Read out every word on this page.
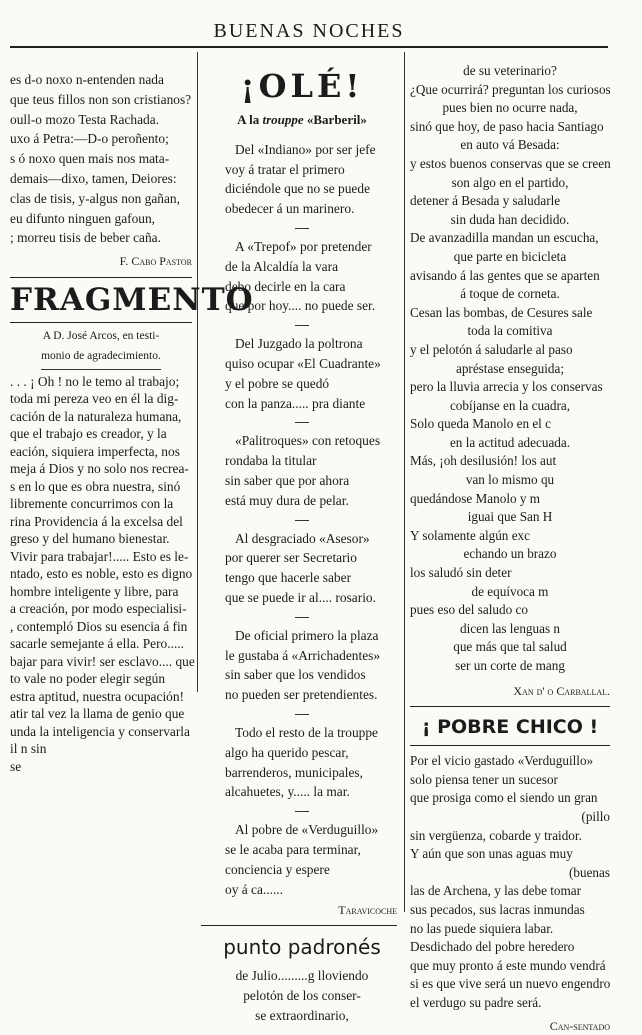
BUENAS NOCHES

es d-o noxo n-entenden nada

que teus fillos non son cristianos?

oull-o mozo Testa Rachada.

uxo á Petra:—D-o peroñento;

s ó noxo quen mais nos mata-

demais—dixo, tamen, Deiores:

clas de tisis, y-algus non gañan,

eu difunto ninguen gafoun,

; morreu tisis de beber caña.

F. Cabo Pastor

FRAGMENTO

A D. José Arcos, en testi-

monio de agradecimiento.

. . . ¡ Oh ! no le temo al trabajo;

toda mi pereza veo en él la dig-

cación de la naturaleza humana,

que el trabajo es creador, y la

eación, siquiera imperfecta, nos

meja á Dios y no solo nos recrea-

s en lo que es obra nuestra, sinó

libremente concurrimos con la

rina Providencia á la excelsa del

greso y del humano bienestar.

Vivir para trabajar!..... Esto es le-

ntado, esto es noble, esto es digno

hombre inteligente y libre, para

a creación, por modo especialisi-

, contempló Dios su esencia á fin

sacarle semejante á ella. Pero.....

bajar para vivir! ser esclavo.... que

to vale no poder elegir según

estra aptitud, nuestra ocupación!

atir tal vez la llama de genio que

unda la inteligencia y conservarla

il n sin

se

¡OLÉ!

A la trouppe «Barberil»

Del «Indiano» por ser jefe

voy á tratar el primero

diciéndole que no se puede

obedecer á un marinero.

A «Trepof» por pretender

de la Alcaldía la vara

debo decirle en la cara

que por hoy.... no puede ser.

Del Juzgado la poltrona

quiso ocupar «El Cuadrante»

y el pobre se quedó

con la panza..... pra diante

«Palitroques» con retoques

rondaba la titular

sin saber que por ahora

está muy dura de pelar.

Al desgraciado «Asesor»

por querer ser Secretario

tengo que hacerle saber

que se puede ir al.... rosario.

De oficial primero la plaza

le gustaba á «Arrichadentes»

sin saber que los vendidos

no pueden ser pretendientes.

Todo el resto de la trouppe

algo ha querido pescar,

barrenderos, municipales,

alcahuetes, y..... la mar.

Al pobre de «Verduguillo»

se le acaba para terminar,

conciencia y espere

oy á ca......

Taravicoche

punto padronés

de Julio.........g lloviendo

pelotón de los conser-

se extraordinario,

de su veterinario?

¿Que ocurrirá? preguntan los curiosos

pues bien no ocurre nada,

sinó que hoy, de paso hacia Santiago

en auto vá Besada:

y estos buenos conservas que se creen

son algo en el partido,

detener á Besada y saludarle

sin duda han decidido.

De avanzadilla mandan un escucha,

que parte en bicicleta

avisando á las gentes que se aparten

á toque de corneta.

Cesan las bombas, de Cesures sale

toda la comitiva

y el pelotón á saludarle al paso

apréstase enseguida;

pero la lluvia arrecia y los conservas

cobíjanse en la cuadra,

Solo queda Manolo en el c

en la actitud adecuada.

Más, ¡oh desilusión! los aut

van lo mismo qu

quedándose Manolo y m

iguai que San H

Y solamente algún exc

echando un brazo

los saludó sin deter

de equívoca m

pues eso del saludo co

dicen las lenguas n

que más que tal salud

ser un corte de mang

Xan d' o Carballal.

¡ POBRE CHICO !

Por el vicio gastado «Verduguillo»

solo piensa tener un sucesor

que prosiga como el siendo un gran

(pillo

sin vergüenza, cobarde y traidor.

Y aún que son unas aguas muy

(buenas

las de Archena, y las debe tomar

sus pecados, sus lacras inmundas

no las puede siquiera labar.

Desdichado del pobre heredero

que muy pronto á este mundo vendrá

si es que vive será un nuevo engendro

el verdugo su padre será.

Can-sentado
